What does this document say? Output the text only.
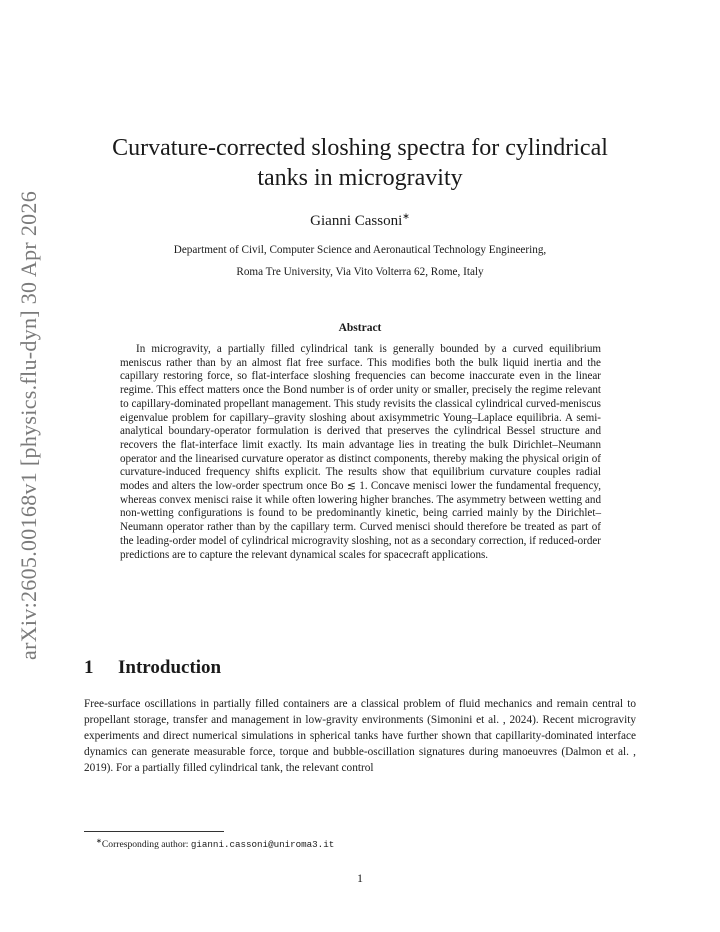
arXiv:2605.00168v1 [physics.flu-dyn] 30 Apr 2026
Curvature-corrected sloshing spectra for cylindrical tanks in microgravity
Gianni Cassoni∗
Department of Civil, Computer Science and Aeronautical Technology Engineering,
Roma Tre University, Via Vito Volterra 62, Rome, Italy
Abstract

In microgravity, a partially filled cylindrical tank is generally bounded by a curved equilibrium meniscus rather than by an almost flat free surface. This modifies both the bulk liquid inertia and the capillary restoring force, so flat-interface sloshing frequencies can become inaccurate even in the linear regime. This effect matters once the Bond number is of order unity or smaller, precisely the regime relevant to capillary-dominated propellant management. This study revisits the classical cylindrical curved-meniscus eigenvalue problem for capillary–gravity sloshing about axisymmetric Young–Laplace equilibria. A semi-analytical boundary-operator formulation is derived that preserves the cylindrical Bessel structure and recovers the flat-interface limit exactly. Its main advantage lies in treating the bulk Dirichlet–Neumann operator and the linearised curvature operator as distinct components, thereby making the physical origin of curvature-induced frequency shifts explicit. The results show that equilibrium curvature couples radial modes and alters the low-order spectrum once Bo ≲ 1. Concave menisci lower the fundamental frequency, whereas convex menisci raise it while often lowering higher branches. The asymmetry between wetting and non-wetting configurations is found to be predominantly kinetic, being carried mainly by the Dirichlet–Neumann operator rather than by the capillary term. Curved menisci should therefore be treated as part of the leading-order model of cylindrical microgravity sloshing, not as a secondary correction, if reduced-order predictions are to capture the relevant dynamical scales for spacecraft applications.

1 Introduction

Free-surface oscillations in partially filled containers are a classical problem of fluid mechanics and remain central to propellant storage, transfer and management in low-gravity environments (Simonini et al. , 2024). Recent microgravity experiments and direct numerical simulations in spherical tanks have further shown that capillarity-dominated interface dynamics can generate measurable force, torque and bubble-oscillation signatures during manoeuvres (Dalmon et al. , 2019). For a partially filled cylindrical tank, the relevant control

∗Corresponding author: gianni.cassoni@uniroma3.it
1
